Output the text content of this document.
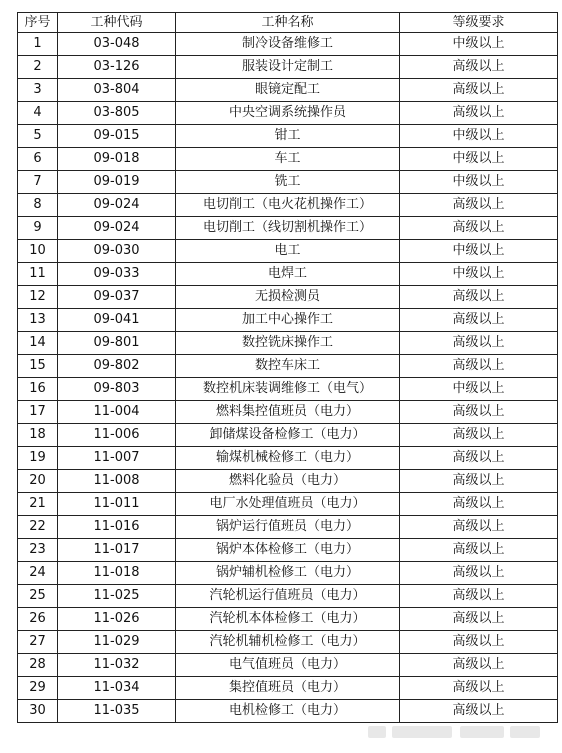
序号	工种代码	工种名称	等级要求
1	03-048	制冷设备维修工	中级以上
2	03-126	服装设计定制工	高级以上
3	03-804	眼镜定配工	高级以上
4	03-805	中央空调系统操作员	高级以上
5	09-015	钳工	中级以上
6	09-018	车工	中级以上
7	09-019	铣工	中级以上
8	09-024	电切削工（电火花机操作工）	高级以上
9	09-024	电切削工（线切割机操作工）	高级以上
10	09-030	电工	中级以上
11	09-033	电焊工	中级以上
12	09-037	无损检测员	高级以上
13	09-041	加工中心操作工	高级以上
14	09-801	数控铣床操作工	高级以上
15	09-802	数控车床工	高级以上
16	09-803	数控机床装调维修工（电气）	中级以上
17	11-004	燃料集控值班员（电力）	高级以上
18	11-006	卸储煤设备检修工（电力）	高级以上
19	11-007	输煤机械检修工（电力）	高级以上
20	11-008	燃料化验员（电力）	高级以上
21	11-011	电厂水处理值班员（电力）	高级以上
22	11-016	锅炉运行值班员（电力）	高级以上
23	11-017	锅炉本体检修工（电力）	高级以上
24	11-018	锅炉辅机检修工（电力）	高级以上
25	11-025	汽轮机运行值班员（电力）	高级以上
26	11-026	汽轮机本体检修工（电力）	高级以上
27	11-029	汽轮机辅机检修工（电力）	高级以上
28	11-032	电气值班员（电力）	高级以上
29	11-034	集控值班员（电力）	高级以上
30	11-035	电机检修工（电力）	高级以上
